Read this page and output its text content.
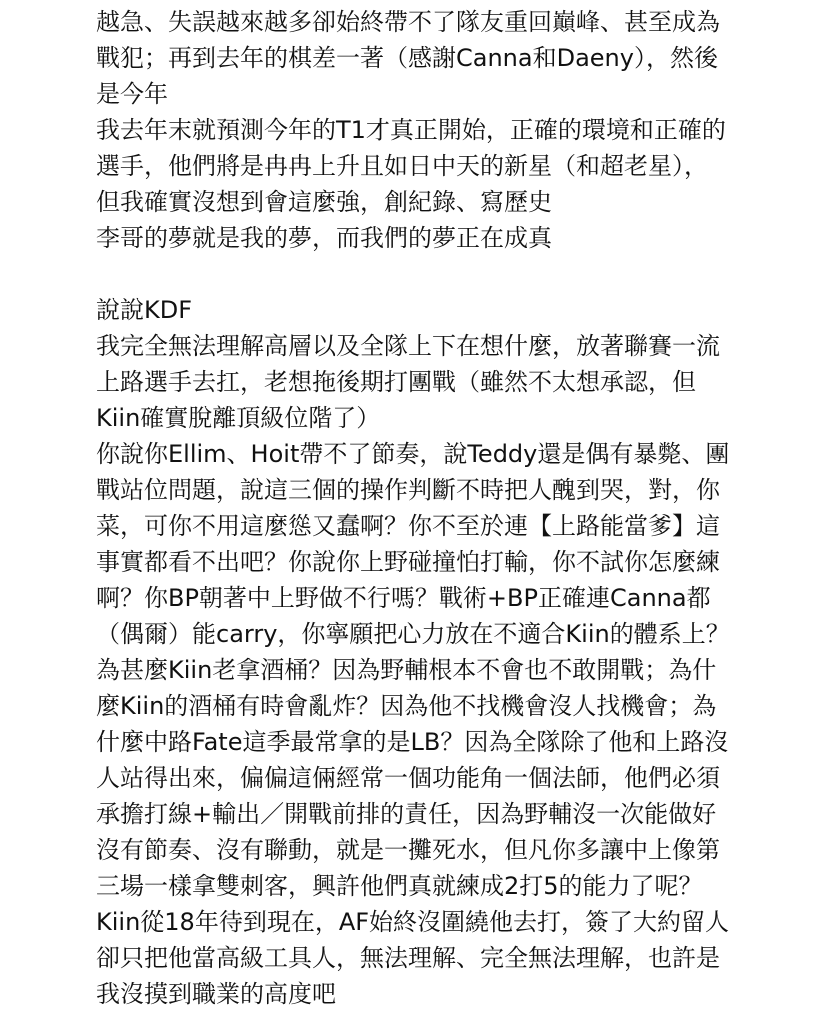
越急、失誤越來越多卻始終帶不了隊友重回巔峰、甚至成為
戰犯；再到去年的棋差一著（感謝Canna和Daeny），然後
是今年
我去年末就預測今年的T1才真正開始，正確的環境和正確的
選手，他們將是冉冉上升且如日中天的新星（和超老星），
但我確實沒想到會這麼強，創紀錄、寫歷史
李哥的夢就是我的夢，而我們的夢正在成真
說說KDF
我完全無法理解高層以及全隊上下在想什麼，放著聯賽一流
上路選手去扛，老想拖後期打團戰（雖然不太想承認，但
Kiin確實脫離頂級位階了）
你說你Ellim、Hoit帶不了節奏，說Teddy還是偶有暴斃、團
戰站位問題，說這三個的操作判斷不時把人醜到哭，對，你
菜，可你不用這麼慫又蠢啊？你不至於連【上路能當爹】這
事實都看不出吧？你說你上野碰撞怕打輸，你不試你怎麼練
啊？你BP朝著中上野做不行嗎？戰術+BP正確連Canna都
（偶爾）能carry，你寧願把心力放在不適合Kiin的體系上？
為甚麼Kiin老拿酒桶？因為野輔根本不會也不敢開戰；為什
麼Kiin的酒桶有時會亂炸？因為他不找機會沒人找機會；為
什麼中路Fate這季最常拿的是LB？因為全隊除了他和上路沒
人站得出來，偏偏這倆經常一個功能角一個法師，他們必須
承擔打線+輸出／開戰前排的責任，因為野輔沒一次能做好
沒有節奏、沒有聯動，就是一攤死水，但凡你多讓中上像第
三場一樣拿雙刺客，興許他們真就練成2打5的能力了呢？
Kiin從18年待到現在，AF始終沒圍繞他去打，簽了大約留人
卻只把他當高級工具人，無法理解、完全無法理解，也許是
我沒摸到職業的高度吧
